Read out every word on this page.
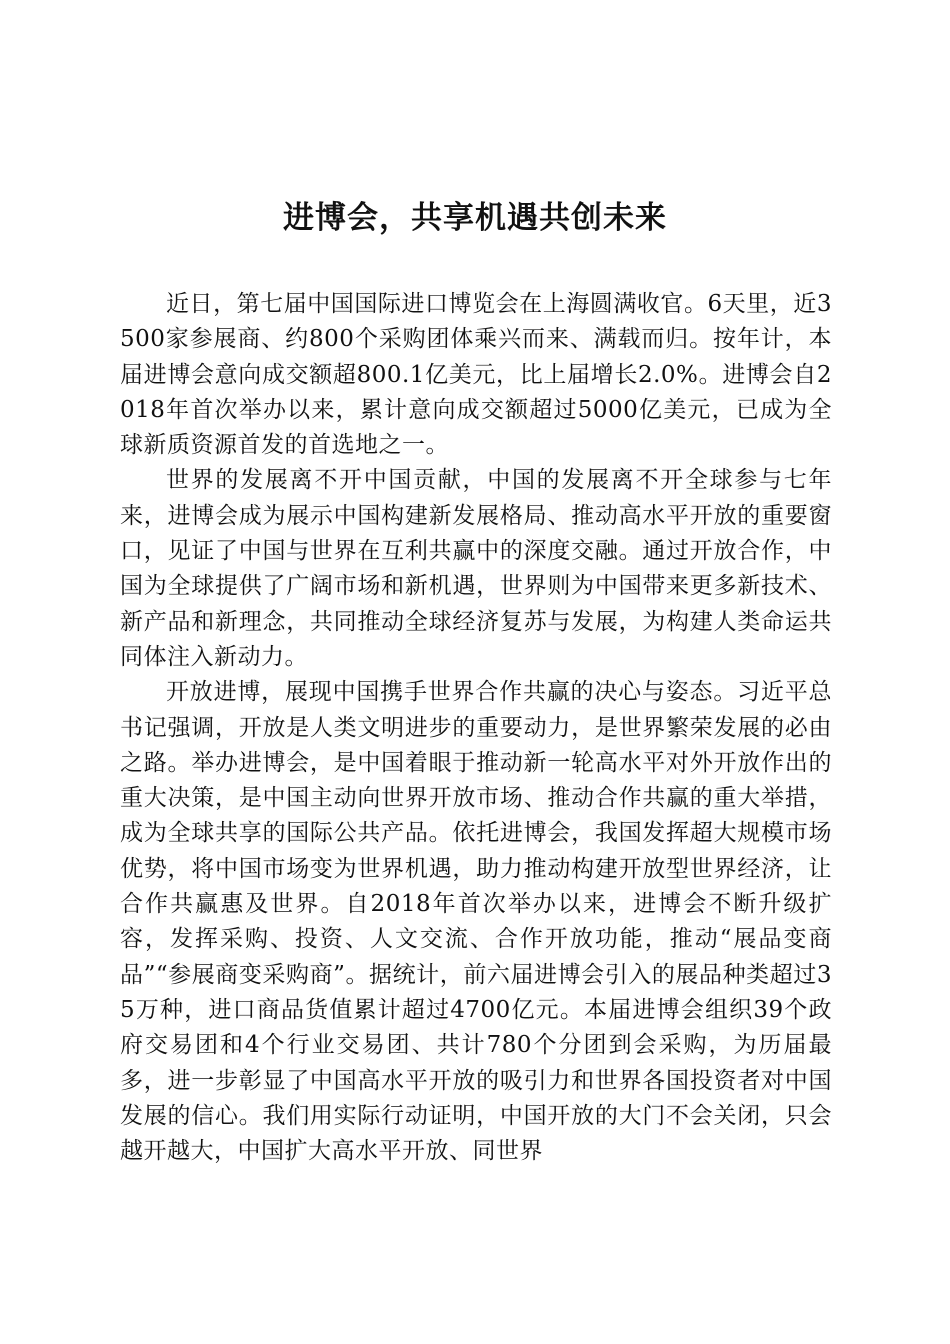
进博会，共享机遇共创未来

近日，第七届中国国际进口博览会在上海圆满收官。6天里，近3500家参展商、约800个采购团体乘兴而来、满载而归。按年计，本届进博会意向成交额超800.1亿美元，比上届增长2.0%。进博会自2018年首次举办以来，累计意向成交额超过5000亿美元，已成为全球新质资源首发的首选地之一。

世界的发展离不开中国贡献，中国的发展离不开全球参与七年来，进博会成为展示中国构建新发展格局、推动高水平开放的重要窗口，见证了中国与世界在互利共赢中的深度交融。通过开放合作，中国为全球提供了广阔市场和新机遇，世界则为中国带来更多新技术、新产品和新理念，共同推动全球经济复苏与发展，为构建人类命运共同体注入新动力。

开放进博，展现中国携手世界合作共赢的决心与姿态。习近平总书记强调，开放是人类文明进步的重要动力，是世界繁荣发展的必由之路。举办进博会，是中国着眼于推动新一轮高水平对外开放作出的重大决策，是中国主动向世界开放市场、推动合作共赢的重大举措，成为全球共享的国际公共产品。依托进博会，我国发挥超大规模市场优势，将中国市场变为世界机遇，助力推动构建开放型世界经济，让合作共赢惠及世界。自2018年首次举办以来，进博会不断升级扩容，发挥采购、投资、人文交流、合作开放功能，推动“展品变商品”“参展商变采购商”。据统计，前六届进博会引入的展品种类超过35万种，进口商品货值累计超过4700亿元。本届进博会组织39个政府交易团和4个行业交易团、共计780个分团到会采购，为历届最多，进一步彰显了中国高水平开放的吸引力和世界各国投资者对中国发展的信心。我们用实际行动证明，中国开放的大门不会关闭，只会越开越大，中国扩大高水平开放、同世界
